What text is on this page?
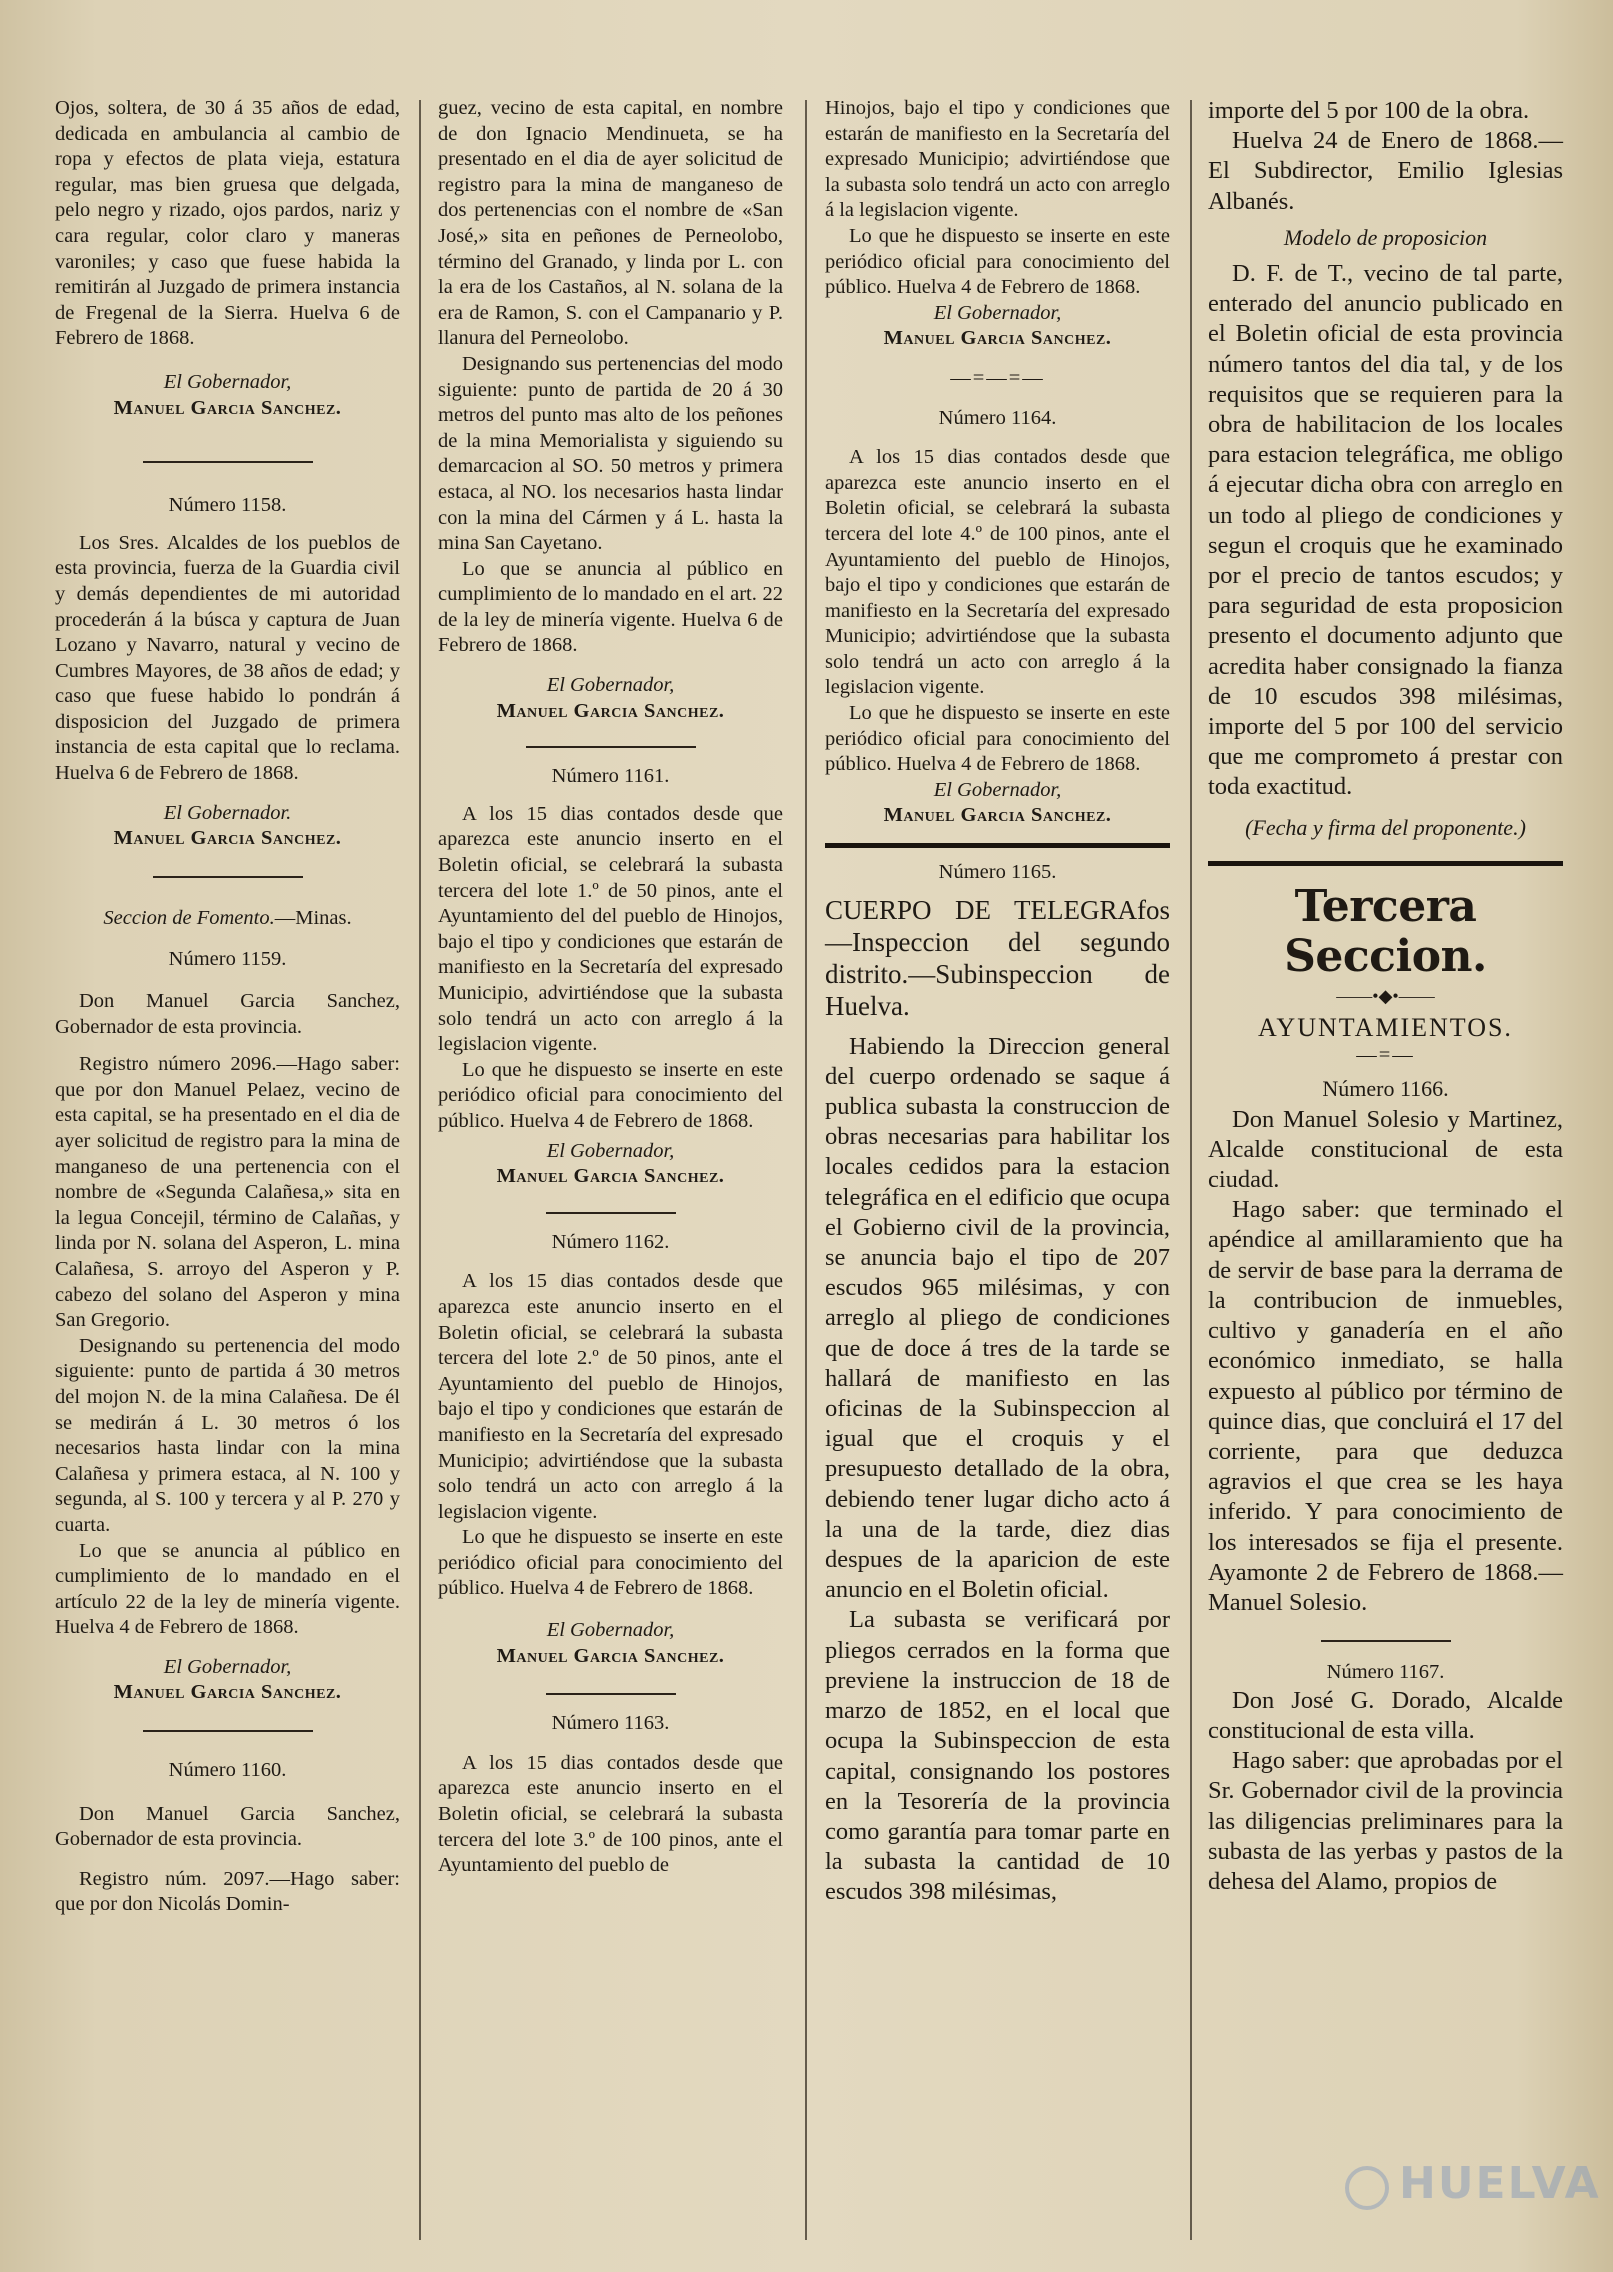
Ojos, soltera, de 30 á 35 años de edad, dedicada en ambulancia al cambio de ropa y efectos de plata vieja, estatura regular, mas bien gruesa que delgada, pelo negro y rizado, ojos pardos, nariz y cara regular, color claro y maneras varoniles; y caso que fuese habida la remitirán al Juzgado de primera instancia de Fregenal de la Sierra. Huelva 6 de Febrero de 1868.

El Gobernador,
Manuel Garcia Sanchez.

Número 1158.

Los Sres. Alcaldes de los pueblos de esta provincia, fuerza de la Guardia civil y demás dependientes de mi autoridad procederán á la búsca y captura de Juan Lozano y Navarro, natural y vecino de Cumbres Mayores, de 38 años de edad; y caso que fuese habido lo pondrán á disposicion del Juzgado de primera instancia de esta capital que lo reclama. Huelva 6 de Febrero de 1868.

El Gobernador.
Manuel Garcia Sanchez.

Seccion de Fomento.—Minas.

Número 1159.

Don Manuel Garcia Sanchez, Gobernador de esta provincia.

Registro número 2096.—Hago saber: que por don Manuel Pelaez, vecino de esta capital, se ha presentado en el dia de ayer solicitud de registro para la mina de manganeso de una pertenencia con el nombre de «Segunda Calañesa,» sita en la legua Concejil, término de Calañas, y linda por N. solana del Asperon, L. mina Calañesa, S. arroyo del Asperon y P. cabezo del solano del Asperon y mina San Gregorio.

Designando su pertenencia del modo siguiente: punto de partida á 30 metros del mojon N. de la mina Calañesa. De él se medirán á L. 30 metros ó los necesarios hasta lindar con la mina Calañesa y primera estaca, al N. 100 y segunda, al S. 100 y tercera y al P. 270 y cuarta.

Lo que se anuncia al público en cumplimiento de lo mandado en el artículo 22 de la ley de minería vigente. Huelva 4 de Febrero de 1868.

El Gobernador,
Manuel Garcia Sanchez.

Número 1160.

Don Manuel Garcia Sanchez, Gobernador de esta provincia.

Registro núm. 2097.—Hago saber: que por don Nicolás Domin-

guez, vecino de esta capital, en nombre de don Ignacio Mendinueta, se ha presentado en el dia de ayer solicitud de registro para la mina de manganeso de dos pertenencias con el nombre de «San José,» sita en peñones de Perneolobo, término del Granado, y linda por L. con la era de los Castaños, al N. solana de la era de Ramon, S. con el Campanario y P. llanura del Perneolobo.

Designando sus pertenencias del modo siguiente: punto de partida de 20 á 30 metros del punto mas alto de los peñones de la mina Memorialista y siguiendo su demarcacion al SO. 50 metros y primera estaca, al NO. los necesarios hasta lindar con la mina del Cármen y á L. hasta la mina San Cayetano.

Lo que se anuncia al público en cumplimiento de lo mandado en el art. 22 de la ley de minería vigente. Huelva 6 de Febrero de 1868.

El Gobernador,
Manuel Garcia Sanchez.

Número 1161.

A los 15 dias contados desde que aparezca este anuncio inserto en el Boletin oficial, se celebrará la subasta tercera del lote 1.º de 50 pinos, ante el Ayuntamiento del del pueblo de Hinojos, bajo el tipo y condiciones que estarán de manifiesto en la Secretaría del expresado Municipio, advirtiéndose que la subasta solo tendrá un acto con arreglo á la legislacion vigente.

Lo que he dispuesto se inserte en este periódico oficial para conocimiento del público. Huelva 4 de Febrero de 1868.

El Gobernador,
Manuel Garcia Sanchez.

Número 1162.

A los 15 dias contados desde que aparezca este anuncio inserto en el Boletin oficial, se celebrará la subasta tercera del lote 2.º de 50 pinos, ante el Ayuntamiento del pueblo de Hinojos, bajo el tipo y condiciones que estarán de manifiesto en la Secretaría del expresado Municipio; advirtiéndose que la subasta solo tendrá un acto con arreglo á la legislacion vigente.

Lo que he dispuesto se inserte en este periódico oficial para conocimiento del público. Huelva 4 de Febrero de 1868.

El Gobernador,
Manuel Garcia Sanchez.

Número 1163.

A los 15 dias contados desde que aparezca este anuncio inserto en el Boletin oficial, se celebrará la subasta tercera del lote 3.º de 100 pinos, ante el Ayuntamiento del pueblo de

Hinojos, bajo el tipo y condiciones que estarán de manifiesto en la Secretaría del expresado Municipio; advirtiéndose que la subasta solo tendrá un acto con arreglo á la legislacion vigente.

Lo que he dispuesto se inserte en este periódico oficial para conocimiento del público. Huelva 4 de Febrero de 1868.

El Gobernador,
Manuel Garcia Sanchez.

—=—=—

Número 1164.

A los 15 dias contados desde que aparezca este anuncio inserto en el Boletin oficial, se celebrará la subasta tercera del lote 4.º de 100 pinos, ante el Ayuntamiento del pueblo de Hinojos, bajo el tipo y condiciones que estarán de manifiesto en la Secretaría del expresado Municipio; advirtiéndose que la subasta solo tendrá un acto con arreglo á la legislacion vigente.

Lo que he dispuesto se inserte en este periódico oficial para conocimiento del público. Huelva 4 de Febrero de 1868.

El Gobernador,
Manuel Garcia Sanchez.

Número 1165.

CUERPO DE TELEGRAfos —Inspeccion del segundo distrito.—Subinspeccion de Huelva.

Habiendo la Direccion general del cuerpo ordenado se saque á publica subasta la construccion de obras necesarias para habilitar los locales cedidos para la estacion telegráfica en el edificio que ocupa el Gobierno civil de la provincia, se anuncia bajo el tipo de 207 escudos 965 milésimas, y con arreglo al pliego de condiciones que de doce á tres de la tarde se hallará de manifiesto en las oficinas de la Subinspeccion al igual que el croquis y el presupuesto detallado de la obra, debiendo tener lugar dicho acto á la una de la tarde, diez dias despues de la aparicion de este anuncio en el Boletin oficial.

La subasta se verificará por pliegos cerrados en la forma que previene la instruccion de 18 de marzo de 1852, en el local que ocupa la Subinspeccion de esta capital, consignando los postores en la Tesorería de la provincia como garantía para tomar parte en la subasta la cantidad de 10 escudos 398 milésimas,

importe del 5 por 100 de la obra.

Huelva 24 de Enero de 1868.—El Subdirector, Emilio Iglesias Albanés.

Modelo de proposicion

D. F. de T., vecino de tal parte, enterado del anuncio publicado en el Boletin oficial de esta provincia número tantos del dia tal, y de los requisitos que se requieren para la obra de habilitacion de los locales para estacion telegráfica, me obligo á ejecutar dicha obra con arreglo en un todo al pliego de condiciones y segun el croquis que he examinado por el precio de tantos escudos; y para seguridad de esta proposicion presento el documento adjunto que acredita haber consignado la fianza de 10 escudos 398 milésimas, importe del 5 por 100 del servicio que me comprometo á prestar con toda exactitud.

(Fecha y firma del proponente.)

Tercera Seccion.

——•◆•——

AYUNTAMIENTOS.

—=—

Número 1166.

Don Manuel Solesio y Martinez, Alcalde constitucional de esta ciudad.

Hago saber: que terminado el apéndice al amillaramiento que ha de servir de base para la derrama de la contribucion de inmuebles, cultivo y ganadería en el año económico inmediato, se halla expuesto al público por término de quince dias, que concluirá el 17 del corriente, para que deduzca agravios el que crea se les haya inferido. Y para conocimiento de los interesados se fija el presente. Ayamonte 2 de Febrero de 1868.—Manuel Solesio.

Número 1167.

Don José G. Dorado, Alcalde constitucional de esta villa.

Hago saber: que aprobadas por el Sr. Gobernador civil de la provincia las diligencias preliminares para la subasta de las yerbas y pastos de la dehesa del Alamo, propios de

HUELVA
